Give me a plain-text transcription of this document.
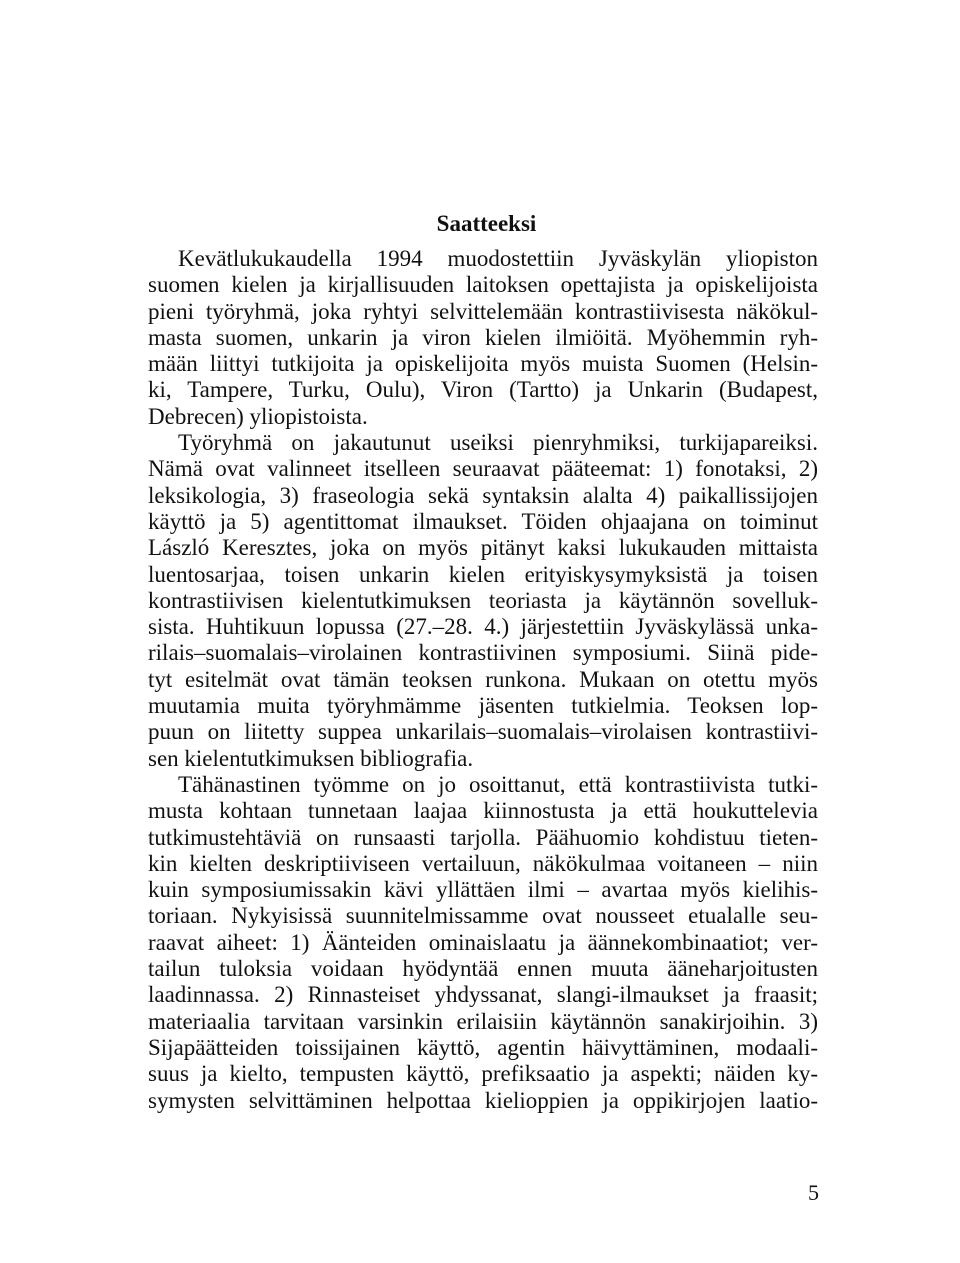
Saatteeksi
Kevätlukukaudella 1994 muodostettiin Jyväskylän yliopiston
suomen kielen ja kirjallisuuden laitoksen opettajista ja opiskelijoista
pieni työryhmä, joka ryhtyi selvittelemään kontrastiivisesta näkökul-
masta suomen, unkarin ja viron kielen ilmiöitä. Myöhemmin ryh-
mään liittyi tutkijoita ja opiskelijoita myös muista Suomen (Helsin-
ki, Tampere, Turku, Oulu), Viron (Tartto) ja Unkarin (Budapest,
Debrecen) yliopistoista.
Työryhmä on jakautunut useiksi pienryhmiksi, turkijapareiksi.
Nämä ovat valinneet itselleen seuraavat pääteemat: 1) fonotaksi, 2)
leksikologia, 3) fraseologia sekä syntaksin alalta 4) paikallissijojen
käyttö ja 5) agentittomat ilmaukset. Töiden ohjaajana on toiminut
László Keresztes, joka on myös pitänyt kaksi lukukauden mittaista
luentosarjaa, toisen unkarin kielen erityiskysymyksistä ja toisen
kontrastiivisen kielentutkimuksen teoriasta ja käytännön sovelluk-
sista. Huhtikuun lopussa (27.–28. 4.) järjestettiin Jyväskylässä unka-
rilais–suomalais–virolainen kontrastiivinen symposiumi. Siinä pide-
tyt esitelmät ovat tämän teoksen runkona. Mukaan on otettu myös
muutamia muita työryhmämme jäsenten tutkielmia. Teoksen lop-
puun on liitetty suppea unkarilais–suomalais–virolaisen kontrastiivi-
sen kielentutkimuksen bibliografia.
Tähänastinen työmme on jo osoittanut, että kontrastiivista tutki-
musta kohtaan tunnetaan laajaa kiinnostusta ja että houkuttelevia
tutkimustehtäviä on runsaasti tarjolla. Päähuomio kohdistuu tieten-
kin kielten deskriptiiviseen vertailuun, näkökulmaa voitaneen – niin
kuin symposiumissakin kävi yllättäen ilmi – avartaa myös kielihis-
toriaan. Nykyisissä suunnitelmissamme ovat nousseet etualalle seu-
raavat aiheet: 1) Äänteiden ominaislaatu ja äännekombinaatiot; ver-
tailun tuloksia voidaan hyödyntää ennen muuta ääneharjoitusten
laadinnassa. 2) Rinnasteiset yhdyssanat, slangi-ilmaukset ja fraasit;
materiaalia tarvitaan varsinkin erilaisiin käytännön sanakirjoihin. 3)
Sijapäätteiden toissijainen käyttö, agentin häivyttäminen, modaali-
suus ja kielto, tempusten käyttö, prefiksaatio ja aspekti; näiden ky-
symysten selvittäminen helpottaa kielioppien ja oppikirjojen laatio-
5
